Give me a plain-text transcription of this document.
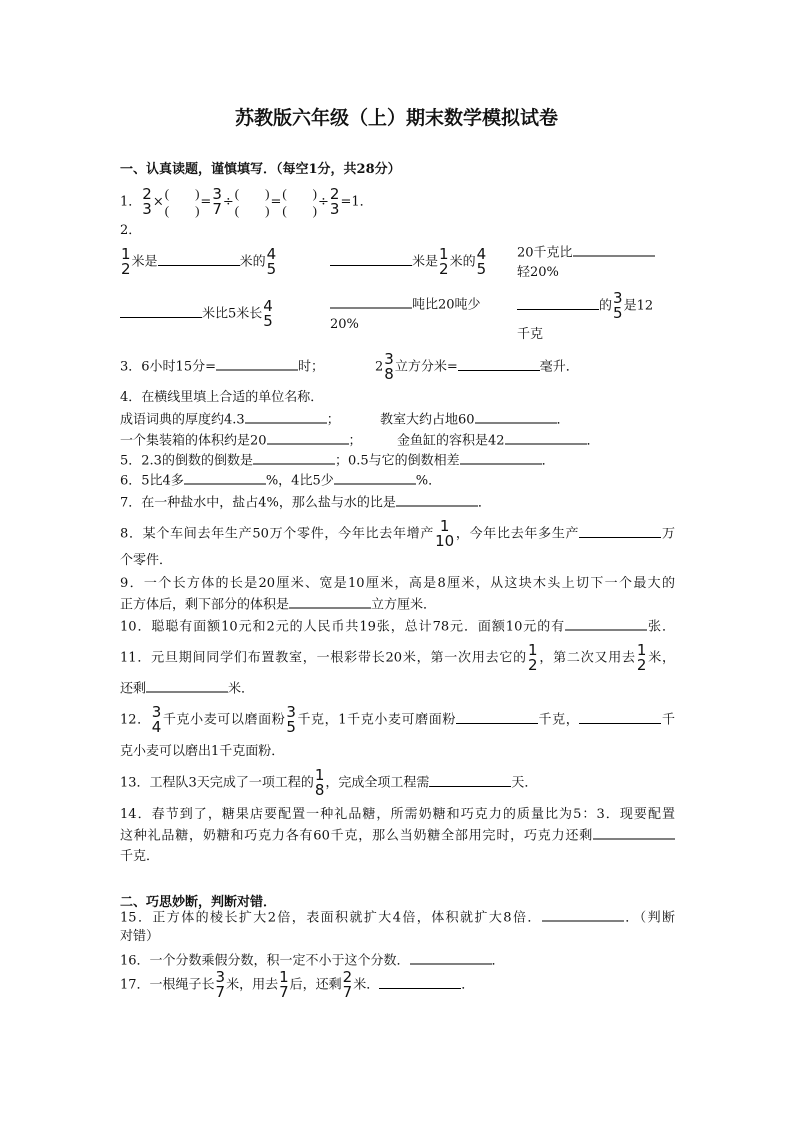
苏教版六年级（上）期末数学模拟试卷
一、认真读题，谨慎填写．（每空1分，共28分）
1． 2
3 ×
(　　)
(　　)
= 3
7 ÷
(　　)
(　　)
=
(　　)
(　　)
÷ 2
3 =1．
2．
1
2 米是	米的 4
5	米是 1
2 米的 4
5
20千克比
轻20%
米比5米长 4
5
吨比20吨少
20%
的 3
5 是12
千克
3．6小时15分=	时；	2 3
8 立方分米=	毫升．
4．在横线里填上合适的单位名称．
成语词典的厚度约4.3	；	教室大约占地60	．
一个集装箱的体积约是20	；	金鱼缸的容积是42	．
5．2.3的倒数的倒数是	；0.5与它的倒数相差	．
6．5比4多	%，4比5少	%．
7．在一种盐水中，盐占4%，那么盐与水的比是	．
8．某个车间去年生产50万个零件，今年比去年增产 1
10 ，今年比去年多生产	万
个零件．
9．一个长方体的长是20厘米、宽是10厘米，高是8厘米，从这块木头上切下一个最大的
正方体后，剩下部分的体积是	立方厘米．
10．聪聪有面额10元和2元的人民币共19张，总计78元．面额10元的有	张．
11．元旦期间同学们布置教室，一根彩带长20米，第一次用去它的 1
2 ，第二次又用去 1
2 米，
还剩	米．
12． 3
4 千克小麦可以磨面粉 3
5 千克，1千克小麦可磨面粉	千克，	千
克小麦可以磨出1千克面粉．
13．工程队3天完成了一项工程的 1
8 ，完成全项工程需	天．
14．春节到了，糖果店要配置一种礼品糖，所需奶糖和巧克力的质量比为5：3．现要配置
这种礼品糖，奶糖和巧克力各有60千克，那么当奶糖全部用完时，巧克力还剩
千克．
二、巧思妙断，判断对错．
15．正方体的棱长扩大2倍，表面积就扩大4倍，体积就扩大8倍．	．（判断
对错）
16．一个分数乘假分数，积一定不小于这个分数．	．
17．一根绳子长 3
7 米，用去 1
7 后，还剩 2
7 米．	．
